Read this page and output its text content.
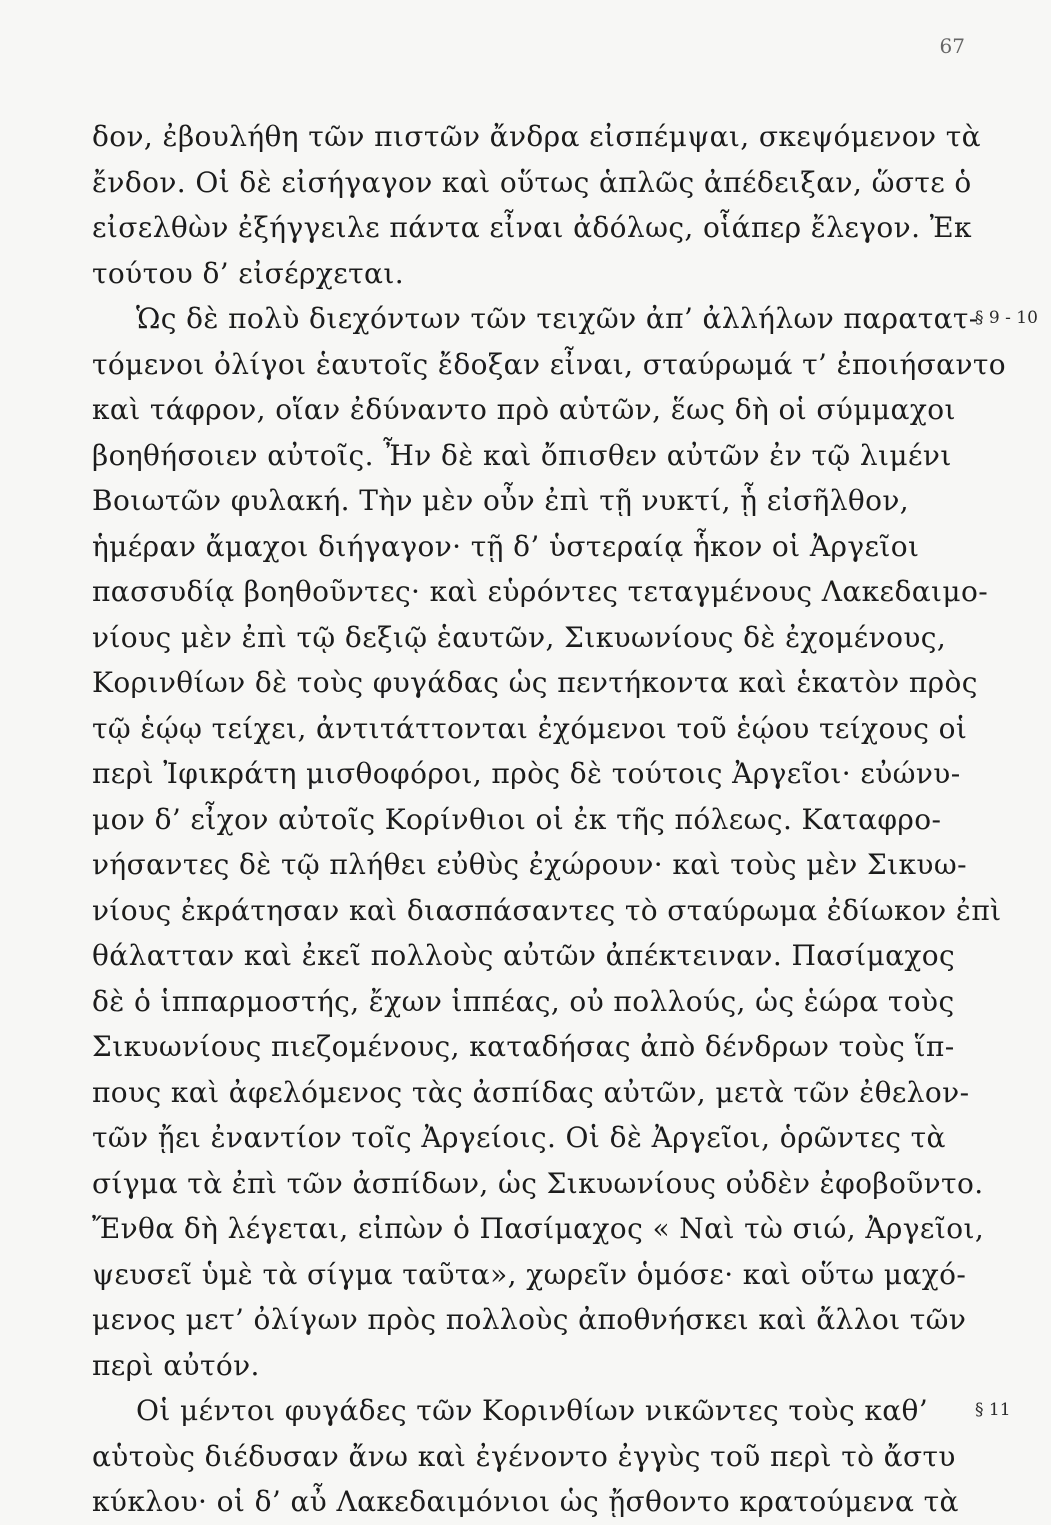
67
δον, ἐβουλήθη τῶν πιστῶν ἄνδρα εἰσπέμψαι, σκεψόμενον τὰ
ἔνδον. Οἱ δὲ εἰσήγαγον καὶ οὕτως ἁπλῶς ἀπέδειξαν, ὥστε ὁ
εἰσελθὼν ἐξήγγειλε πάντα εἶναι ἀδόλως, οἷάπερ ἔλεγον. Ἐκ
τούτου δ’ εἰσέρχεται.
Ὡς δὲ πολὺ διεχόντων τῶν τειχῶν ἀπ’ ἀλλήλων παρατατ-
τόμενοι ὀλίγοι ἑαυτοῖς ἔδοξαν εἶναι, σταύρωμά τ’ ἐποιήσαντο
καὶ τάφρον, οἵαν ἐδύναντο πρὸ αὑτῶν, ἕως δὴ οἱ σύμμαχοι
βοηθήσοιεν αὐτοῖς. Ἦν δὲ καὶ ὄπισθεν αὐτῶν ἐν τῷ λιμένι
Βοιωτῶν φυλακή. Τὴν μὲν οὖν ἐπὶ τῇ νυκτί, ᾗ εἰσῆλθον,
ἡμέραν ἄμαχοι διήγαγον· τῇ δ’ ὑστεραίᾳ ἧκον οἱ Ἀργεῖοι
πασσυδίᾳ βοηθοῦντες· καὶ εὑρόντες τεταγμένους Λακεδαιμο-
νίους μὲν ἐπὶ τῷ δεξιῷ ἑαυτῶν, Σικυωνίους δὲ ἐχομένους,
Κορινθίων δὲ τοὺς φυγάδας ὡς πεντήκοντα καὶ ἑκατὸν πρὸς
τῷ ἑῴῳ τείχει, ἀντιτάττονται ἐχόμενοι τοῦ ἑῴου τείχους οἱ
περὶ Ἰφικράτη μισθοφόροι, πρὸς δὲ τούτοις Ἀργεῖοι· εὐώνυ-
μον δ’ εἶχον αὐτοῖς Κορίνθιοι οἱ ἐκ τῆς πόλεως. Καταφρο-
νήσαντες δὲ τῷ πλήθει εὐθὺς ἐχώρουν· καὶ τοὺς μὲν Σικυω-
νίους ἐκράτησαν καὶ διασπάσαντες τὸ σταύρωμα ἐδίωκον ἐπὶ
θάλατταν καὶ ἐκεῖ πολλοὺς αὐτῶν ἀπέκτειναν. Πασίμαχος
δὲ ὁ ἱππαρμοστής, ἔχων ἱππέας, οὐ πολλούς, ὡς ἑώρα τοὺς
Σικυωνίους πιεζομένους, καταδήσας ἀπὸ δένδρων τοὺς ἵπ-
πους καὶ ἀφελόμενος τὰς ἀσπίδας αὐτῶν, μετὰ τῶν ἐθελον-
τῶν ᾔει ἐναντίον τοῖς Ἀργείοις. Οἱ δὲ Ἀργεῖοι, ὁρῶντες τὰ
σίγμα τὰ ἐπὶ τῶν ἀσπίδων, ὡς Σικυωνίους οὐδὲν ἐφοβοῦντο.
Ἔνθα δὴ λέγεται, εἰπὼν ὁ Πασίμαχος « Ναὶ τὼ σιώ, Ἀργεῖοι,
ψευσεῖ ὑμὲ τὰ σίγμα ταῦτα», χωρεῖν ὁμόσε· καὶ οὕτω μαχό-
μενος μετ’ ὀλίγων πρὸς πολλοὺς ἀποθνήσκει καὶ ἄλλοι τῶν
περὶ αὐτόν.
Οἱ μέντοι φυγάδες τῶν Κορινθίων νικῶντες τοὺς καθ’
αὑτοὺς διέδυσαν ἄνω καὶ ἐγένοντο ἐγγὺς τοῦ περὶ τὸ ἄστυ
κύκλου· οἱ δ’ αὖ Λακεδαιμόνιοι ὡς ᾔσθοντο κρατούμενα τὰ
§ 9 - 10
§ 11
